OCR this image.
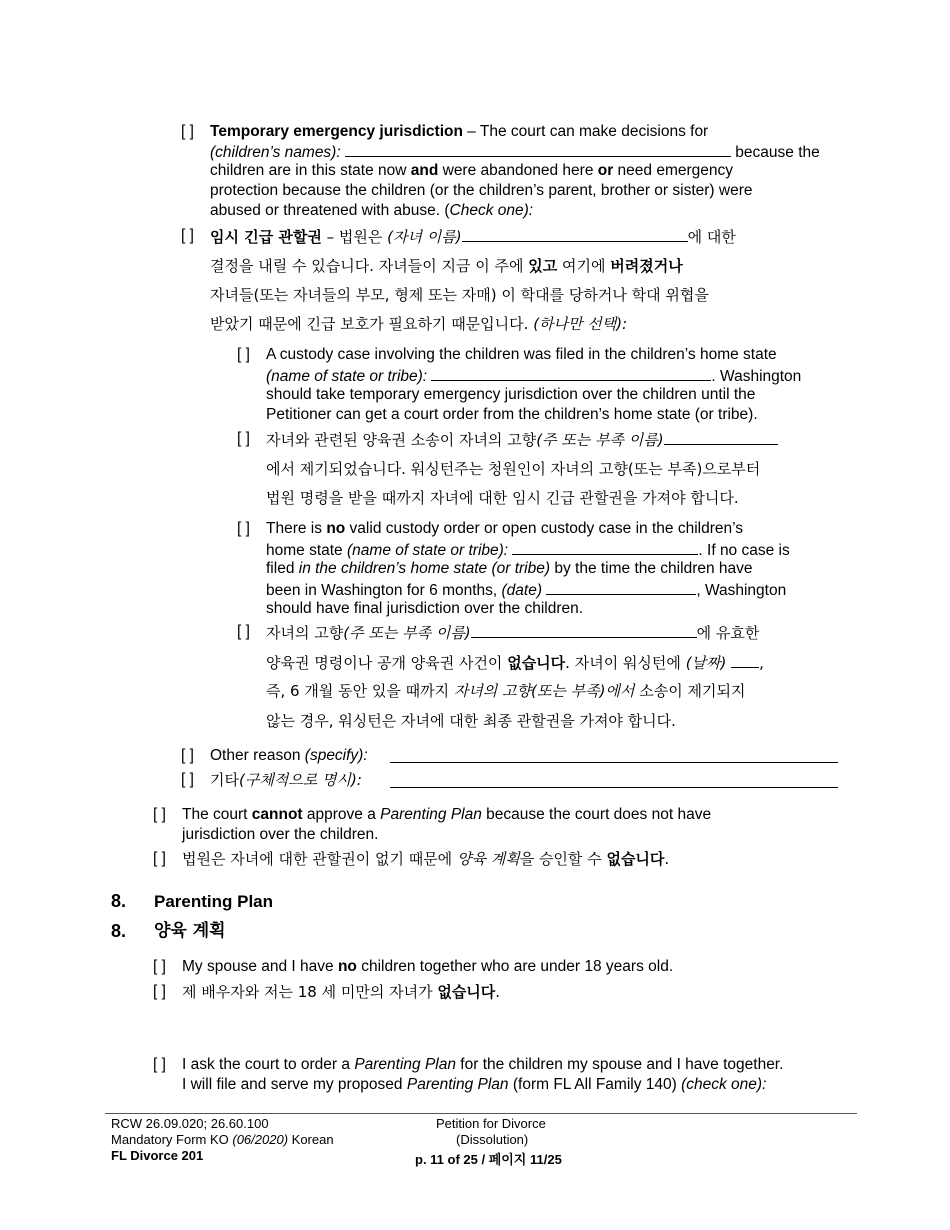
[ ] Temporary emergency jurisdiction – The court can make decisions for
(children’s names):	because the
children are in this state now and were abandoned here or need emergency
protection because the children (or the children’s parent, brother or sister) were
abused or threatened with abuse. (Check one):
[ ] 임시 긴급 관할권 – 법원은 (자녀 이름)	에 대한
결정을 내릴 수 있습니다. 자녀들이 지금 이 주에 있고 여기에 버려졌거나
자녀들(또는 자녀들의 부모, 형제 또는 자매) 이 학대를 당하거나 학대 위협을
받았기 때문에 긴급 보호가 필요하기 때문입니다. (하나만 선택):
[ ] A custody case involving the children was filed in the children’s home state
(name of state or tribe):	. Washington
should take temporary emergency jurisdiction over the children until the
Petitioner can get a court order from the children’s home state (or tribe).
[ ] 자녀와 관련된 양육권 소송이 자녀의 고향(주 또는 부족 이름)
에서 제기되었습니다. 워싱턴주는 청원인이 자녀의 고향(또는 부족)으로부터
법원 명령을 받을 때까지 자녀에 대한 임시 긴급 관할권을 가져야 합니다.
[ ] There is no valid custody order or open custody case in the children’s
home state (name of state or tribe):	. If no case is
filed in the children’s home state (or tribe) by the time the children have
been in Washington for 6 months, (date)	, Washington
should have final jurisdiction over the children.
[ ] 자녀의 고향(주 또는 부족 이름)	에 유효한
양육권 명령이나 공개 양육권 사건이 없습니다. 자녀이 워싱턴에 (날짜) ,
즉, 6 개월 동안 있을 때까지 자녀의 고향(또는 부족)에서 소송이 제기되지
않는 경우, 워싱턴은 자녀에 대한 최종 관할권을 가져야 합니다.
[ ] Other reason (specify):
[ ] 기타(구체적으로 명시):
[ ] The court cannot approve a Parenting Plan because the court does not have
jurisdiction over the children.
[ ] 법원은 자녀에 대한 관할권이 없기 때문에 양육 계획을 승인할 수 없습니다.
8. Parenting Plan
8. 양육 계획
[ ] My spouse and I have no children together who are under 18 years old.
[ ] 제 배우자와 저는 18 세 미만의 자녀가 없습니다.
[ ] I ask the court to order a Parenting Plan for the children my spouse and I have together.
I will file and serve my proposed Parenting Plan (form FL All Family 140) (check one):
RCW 26.09.020; 26.60.100
Mandatory Form KO (06/2020) Korean
FL Divorce 201
Petition for Divorce
(Dissolution)
p. 11 of 25 / 페이지 11/25
